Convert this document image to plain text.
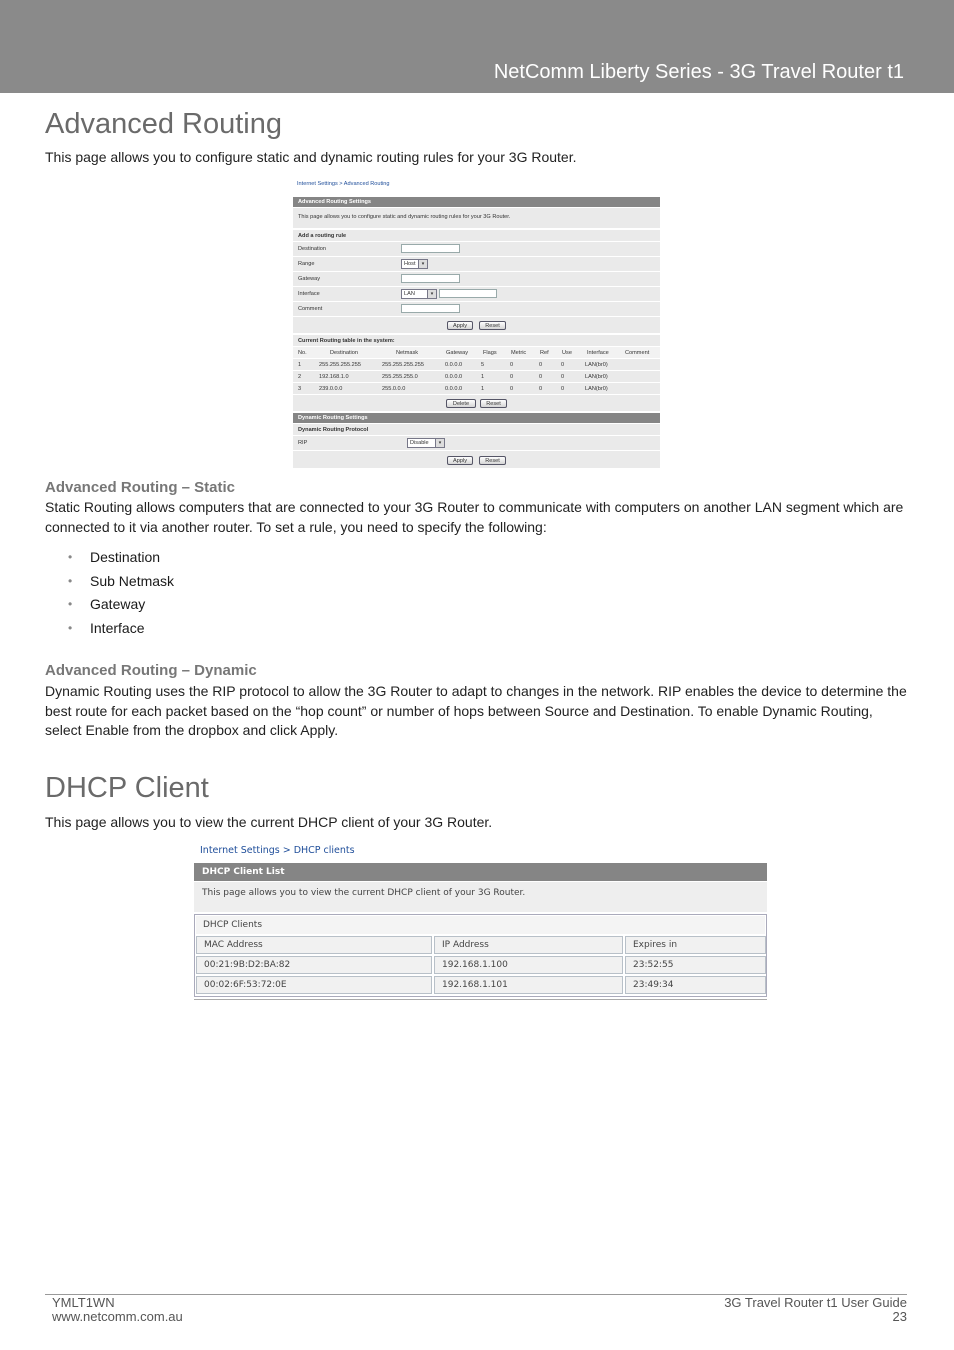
NetComm Liberty Series - 3G Travel Router t1
Advanced Routing

This page allows you to configure static and dynamic routing rules for your 3G Router.

Internet Settings > Advanced Routing
Advanced Routing Settings
This page allows you to configure static and dynamic routing rules for your 3G Router.
Add a routing rule
Destination
Range	Host	▾
Gateway
Interface	LAN	▾
Comment
Apply	Reset
Current Routing table in the system:
No.	Destination	Netmask	Gateway	Flags	Metric Ref Use	Interface	Comment
1	255.255.255.255	255.255.255.255	0.0.0.0	5	0	0	0	LAN(br0)
2	192.168.1.0	255.255.255.0	0.0.0.0	1	0	0	0	LAN(br0)
3	239.0.0.0	255.0.0.0	0.0.0.0	1	0	0	0	LAN(br0)
Delete	Reset
Dynamic Routing Settings
Dynamic Routing Protocol
RIP	Disable	▾
Apply	Reset
Advanced Routing – Static

Static Routing allows computers that are connected to your 3G Router to communicate with computers on another LAN segment which are connected to it via another router. To set a rule, you need to specify the following:

•	Destination
•	Sub Netmask
•	Gateway
•	Interface
Advanced Routing – Dynamic

Dynamic Routing uses the RIP protocol to allow the 3G Router to adapt to changes in the network. RIP enables the device to determine the best route for each packet based on the “hop count” or number of hops between Source and Destination. To enable Dynamic Routing, select Enable from the dropbox and click Apply.

DHCP Client

This page allows you to view the current DHCP client of your 3G Router.

Internet Settings > DHCP clients
DHCP Client List
This page allows you to view the current DHCP client of your 3G Router.
DHCP Clients
MAC Address	IP Address	Expires in
00:21:9B:D2:BA:82	192.168.1.100	23:52:55
00:02:6F:53:72:0E	192.168.1.101	23:49:34
YMLT1WN
www.netcomm.com.au
3G Travel Router t1 User Guide
23
